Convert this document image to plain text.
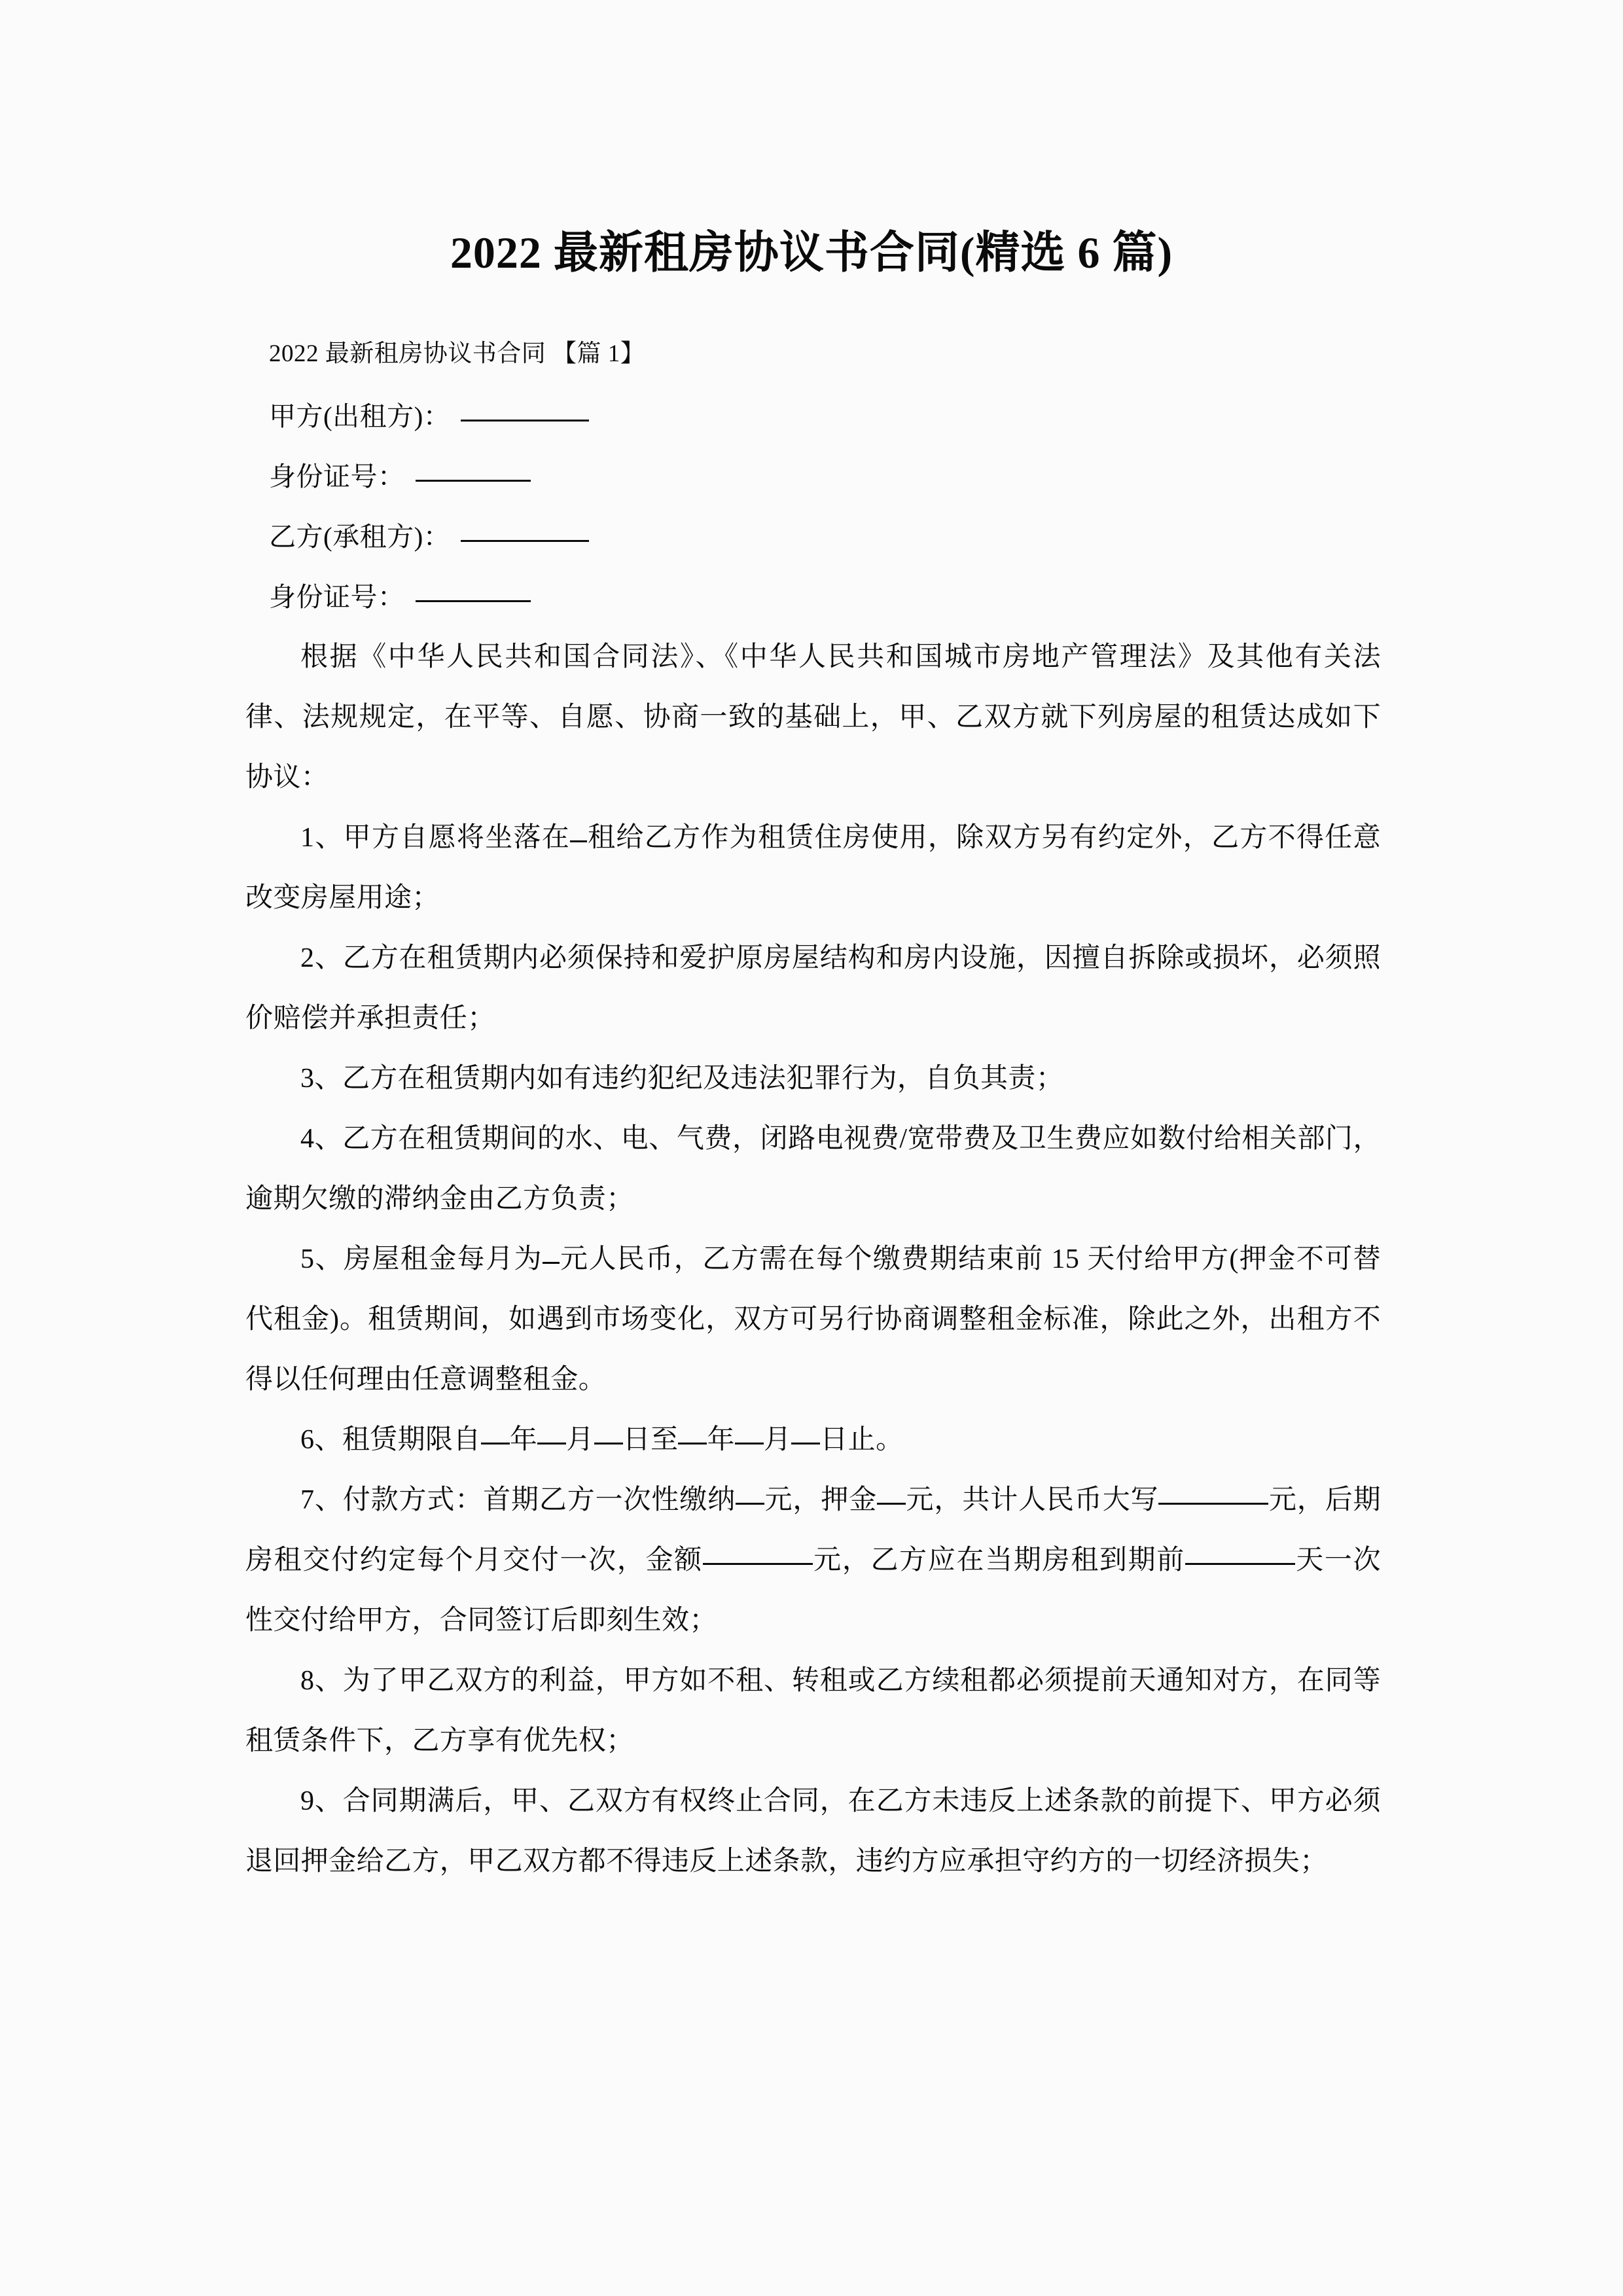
2022 最新租房协议书合同(精选 6 篇)
2022 最新租房协议书合同 【篇 1】
甲方(出租方)：
身份证号：
乙方(承租方)：
身份证号：

根据《中华人民共和国合同法》、《中华人民共和国城市房地产管理法》及其他有关法律、法规规定，在平等、自愿、协商一致的基础上，甲、乙双方就下列房屋的租赁达成如下协议：

1、甲方自愿将坐落在 租给乙方作为租赁住房使用，除双方另有约定外，乙方不得任意改变房屋用途；

2、乙方在租赁期内必须保持和爱护原房屋结构和房内设施，因擅自拆除或损坏，必须照价赔偿并承担责任；

3、乙方在租赁期内如有违约犯纪及违法犯罪行为，自负其责；

4、乙方在租赁期间的水、电、气费，闭路电视费/宽带费及卫生费应如数付给相关部门，逾期欠缴的滞纳金由乙方负责；

5、房屋租金每月为 元人民币，乙方需在每个缴费期结束前 15 天付给甲方(押金不可替代租金)。租赁期间，如遇到市场变化，双方可另行协商调整租金标准，除此之外，出租方不得以任何理由任意调整租金。

6、租赁期限自 年 月 日至 年 月 日止。

7、付款方式：首期乙方一次性缴纳 元，押金 元，共计人民币大写	元，后期房租交付约定每个月交付一次，金额	元，乙方应在当期房租到期前	天一次性交付给甲方，合同签订后即刻生效；

8、为了甲乙双方的利益，甲方如不租、转租或乙方续租都必须提前天通知对方，在同等租赁条件下，乙方享有优先权；

9、合同期满后，甲、乙双方有权终止合同，在乙方未违反上述条款的前提下、甲方必须退回押金给乙方，甲乙双方都不得违反上述条款，违约方应承担守约方的一切经济损失；
